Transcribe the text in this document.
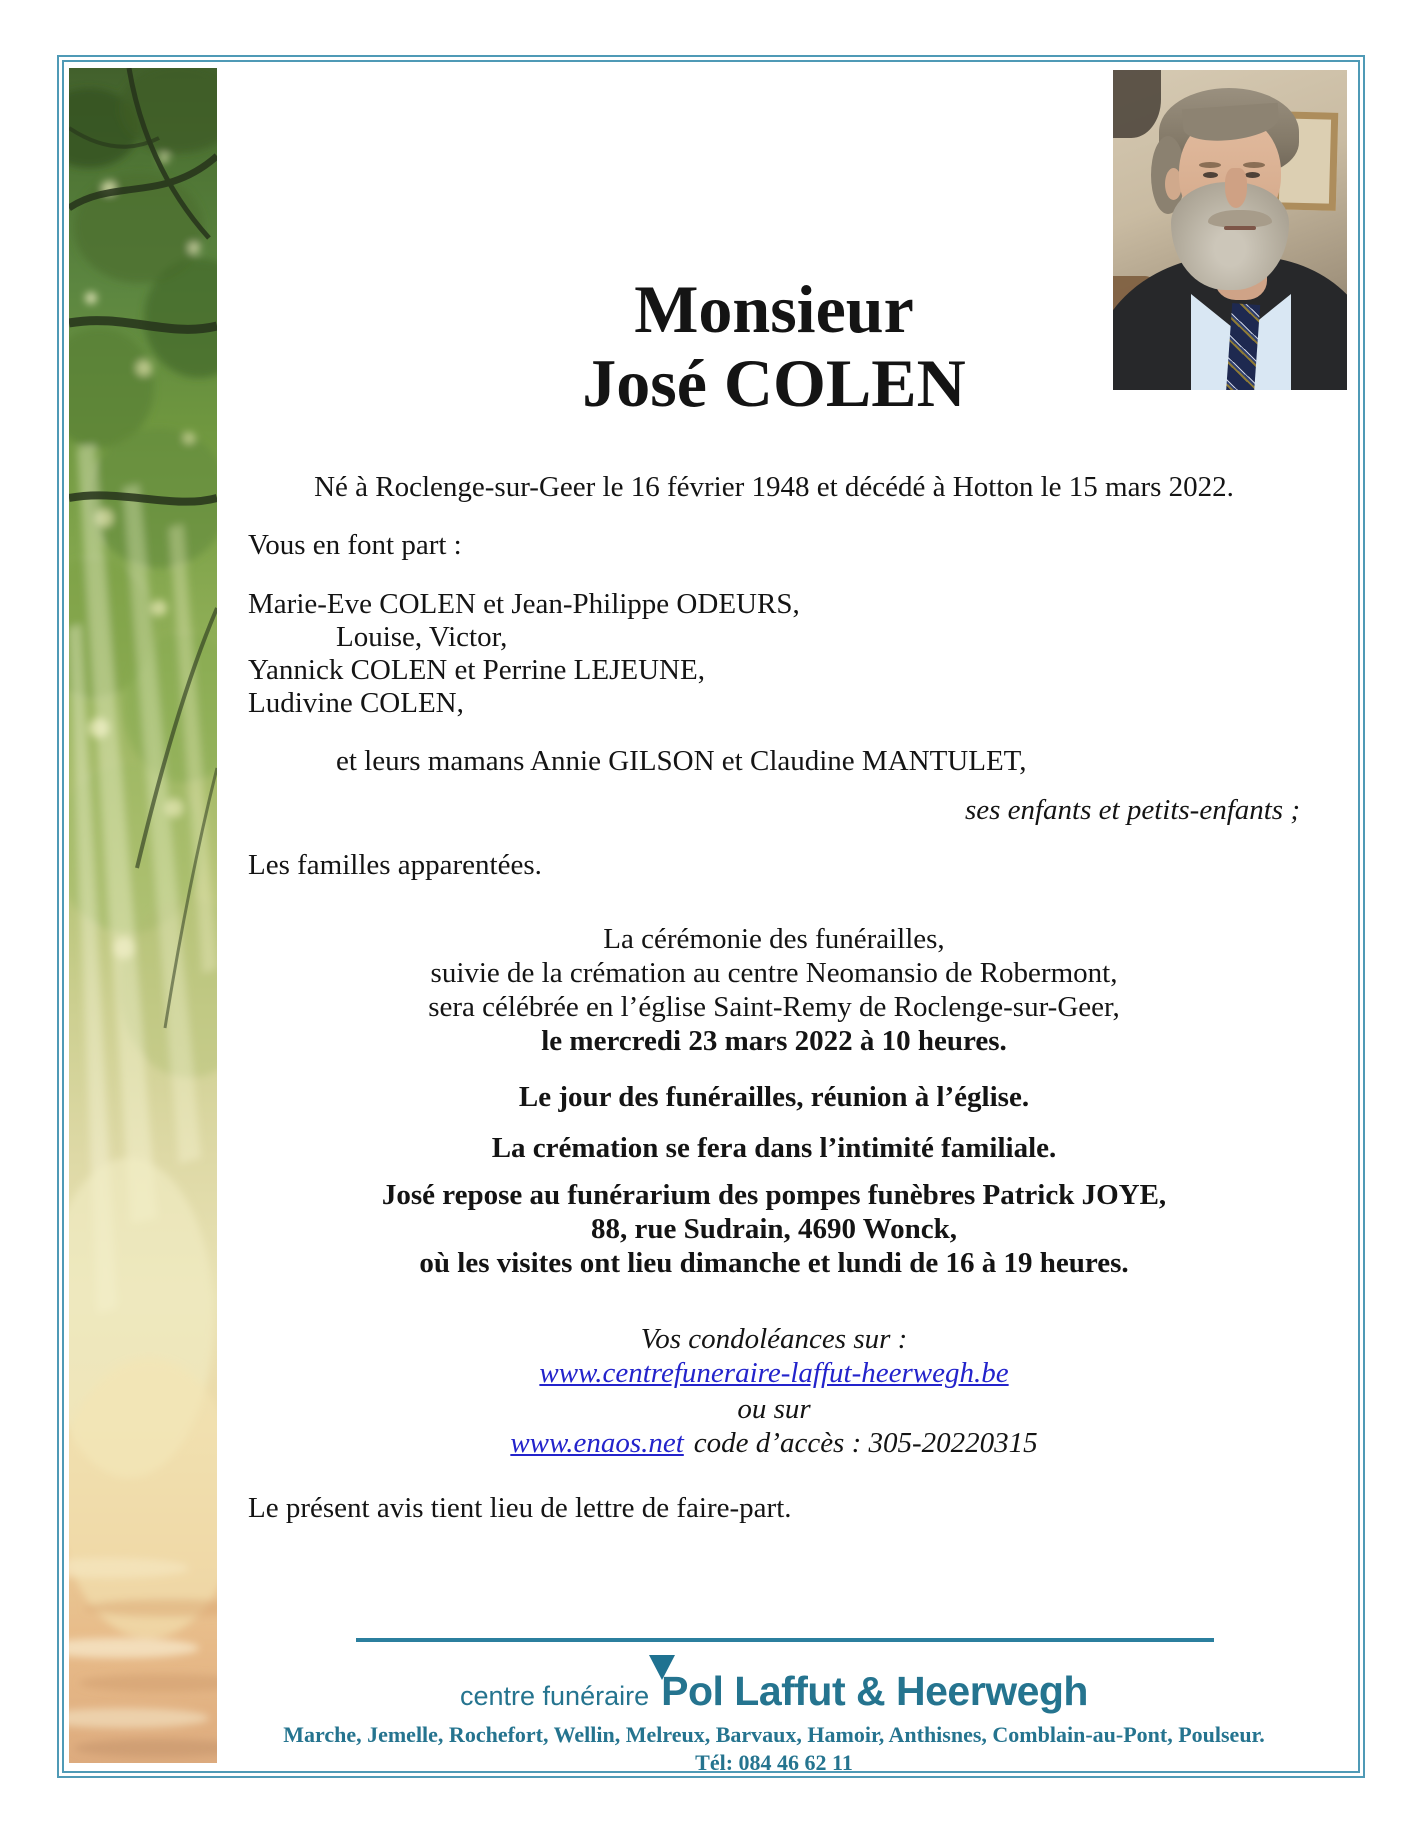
Monsieur
José COLEN
Né à Roclenge-sur-Geer le 16 février 1948 et décédé à Hotton le 15 mars 2022.
Vous en font part :
Marie-Eve COLEN et Jean-Philippe ODEURS,
Louise, Victor,
Yannick COLEN et Perrine LEJEUNE,
Ludivine COLEN,
et leurs mamans Annie GILSON et Claudine MANTULET,
ses enfants et petits-enfants ;
Les familles apparentées.
La cérémonie des funérailles,
suivie de la crémation au centre Neomansio de Robermont,
sera célébrée en l’église Saint-Remy de Roclenge-sur-Geer,
le mercredi 23 mars 2022 à 10 heures.
Le jour des funérailles, réunion à l’église.
La crémation se fera dans l’intimité familiale.
José repose au funérarium des pompes funèbres Patrick JOYE,
88, rue Sudrain, 4690 Wonck,
où les visites ont lieu dimanche et lundi de 16 à 19 heures.
Vos condoléances sur :
www.centrefuneraire-laffut-heerwegh.be
ou sur
www.enaos.net code d’accès : 305-20220315
Le présent avis tient lieu de lettre de faire-part.
centre funéraire Pol Laffut & Heerwegh
Marche, Jemelle, Rochefort, Wellin, Melreux, Barvaux, Hamoir, Anthisnes, Comblain-au-Pont, Poulseur.
Tél: 084 46 62 11
